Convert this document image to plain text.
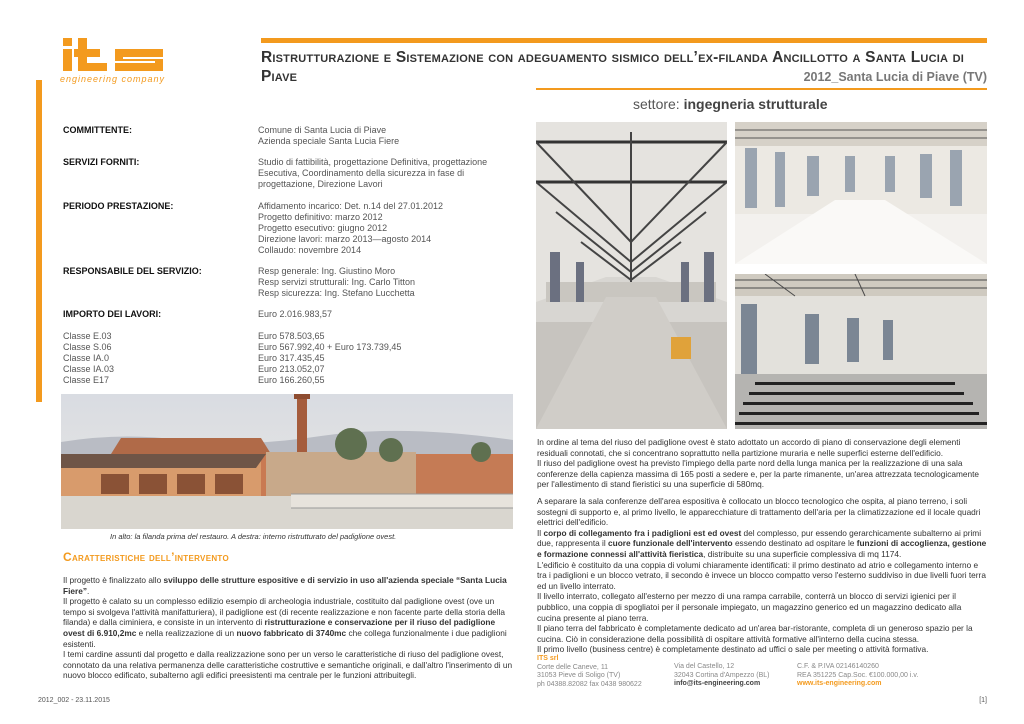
engineering company
Ristrutturazione e Sistemazione con adeguamento sismico dell’ex-filanda Ancillotto a Santa Lucia di Piave	2012_Santa Lucia di Piave (TV)
settore: ingegneria strutturale
COMMITTENTE:	Comune di Santa Lucia di Piave
Azienda speciale Santa Lucia Fiere
SERVIZI FORNITI:	Studio di fattibilità, progettazione Definitiva, progettazione
Esecutiva, Coordinamento della sicurezza in fase di
progettazione, Direzione Lavori
PERIODO PRESTAZIONE:	Affidamento incarico: Det. n.14 del 27.01.2012
Progetto definitivo: marzo 2012
Progetto esecutivo: giugno 2012
Direzione lavori: marzo 2013—agosto 2014
Collaudo: novembre 2014
RESPONSABILE DEL SERVIZIO:	Resp generale: Ing. Giustino Moro
Resp servizi strutturali: Ing. Carlo Titton
Resp sicurezza: Ing. Stefano Lucchetta
IMPORTO DEI LAVORI:	Euro 2.016.983,57
Classe E.03	Euro 578.503,65
Classe S.06	Euro 567.992,40 + Euro 173.739,45
Classe IA.0	Euro 317.435,45
Classe IA.03	Euro 213.052,07
Classe E17	Euro 166.260,55
In alto: la filanda prima del restauro. A destra: interno ristrutturato del padiglione ovest.
Caratteristiche dell’intervento

Il progetto è finalizzato allo sviluppo delle strutture espositive e di servizio in uso all'azienda speciale “Santa Lucia Fiere”.

Il progetto è calato su un complesso edilizio esempio di archeologia industriale, costituito dal padiglione ovest (ove un tempo si svolgeva l'attività manifatturiera), il padiglione est (di recente realizzazione e non facente parte della storia della filanda) e dalla ciminiera, e consiste in un intervento di ristrutturazione e conservazione per il riuso del padiglione ovest di 6.910,2mc e nella realizzazione di un nuovo fabbricato di 3740mc che collega funzionalmente i due padiglioni esistenti.

I temi cardine assunti dal progetto e dalla realizzazione sono per un verso le caratteristiche di riuso del padiglione ovest, connotato da una relativa permanenza delle caratteristiche costruttive e semantiche originali, e dall'altro l'inserimento di un nuovo blocco edificato, subalterno agli edifici preesistenti ma centrale per le funzioni attribuitegli.

In ordine al tema del riuso del padiglione ovest è stato adottato un accordo di piano di conservazione degli elementi residuali connotati, che si concentrano soprattutto nella partizione muraria e nelle superfici esterne dell'edificio.

Il riuso del padiglione ovest ha previsto l'impiego della parte nord della lunga manica per la realizzazione di una sala conferenze della capienza massima di 165 posti a sedere e, per la parte rimanente, un'area attrezzata tecnologicamente per l'allestimento di stand fieristici su una superficie di 580mq.

A separare la sala conferenze dell'area espositiva è collocato un blocco tecnologico che ospita, al piano terreno, i soli sostegni di supporto e, al primo livello, le apparecchiature di trattamento dell'aria per la climatizzazione ed il locale quadri elettrici dell'edificio.

Il corpo di collegamento fra i padiglioni est ed ovest del complesso, pur essendo gerarchicamente subalterno ai primi due, rappresenta il cuore funzionale dell'intervento essendo destinato ad ospitare le funzioni di accoglienza, gestione e formazione connessi all'attività fieristica, distribuite su una superficie complessiva di mq 1174.

L'edificio è costituito da una coppia di volumi chiaramente identificati: il primo destinato ad atrio e collegamento interno e tra i padiglioni e un blocco vetrato, il secondo è invece un blocco compatto verso l'esterno suddiviso in due livelli fuori terra ed un livello interrato.

Il livello interrato, collegato all'esterno per mezzo di una rampa carrabile, conterrà un blocco di servizi igienici per il pubblico, una coppia di spogliatoi per il personale impiegato, un magazzino generico ed un magazzino dedicato alla cucina presente al piano terra.

Il piano terra del fabbricato è completamente dedicato ad un'area bar-ristorante, completa di un generoso spazio per la cucina. Ciò in considerazione della possibilità di ospitare attività formative all'interno della cucina stessa.

Il primo livello (business centre) è completamente destinato ad uffici o sale per meeting o attività formativa.

ITS srl
Corte delle Caneve, 11
31053 Pieve di Soligo (TV)
ph 04388.82082 fax 0438 980622
Via del Castello, 12
32043 Cortina d'Ampezzo (BL)
info@its-engineering.com
C.F. & P.IVA 02146140260
REA 351225 Cap.Soc. €100.000,00 i.v.
www.its-engineering.com
2012_002 - 23.11.2015	[1]
